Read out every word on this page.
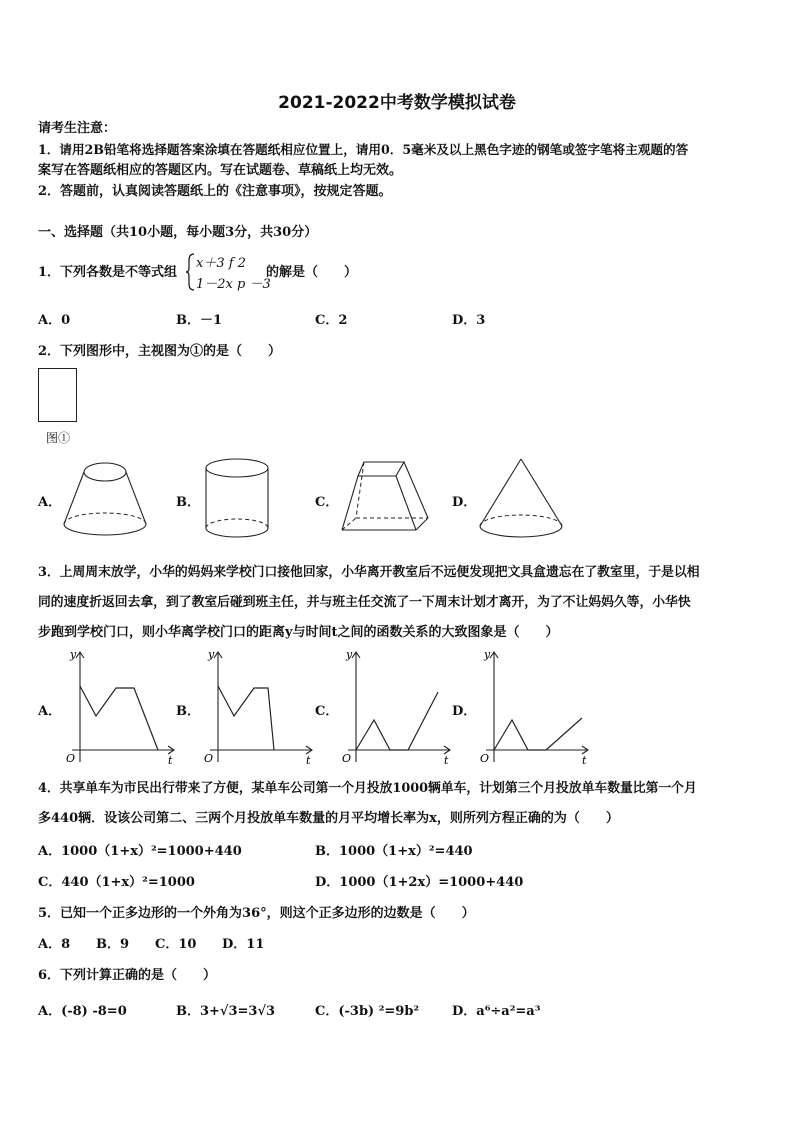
2021-2022中考数学模拟试卷
请考生注意：
1．请用2B铅笔将选择题答案涂填在答题纸相应位置上，请用0．5毫米及以上黑色字迹的钢笔或签字笔将主观题的答
案写在答题纸相应的答题区内。写在试题卷、草稿纸上均无效。
2．答题前，认真阅读答题纸上的《注意事项》，按规定答题。
一、选择题（共10小题，每小题3分，共30分）
1．下列各数是不等式组
x＋3 f 2
1－2x p －3
的解是（　　）
A．0	B．－1	C．2	D．3
2．下列图形中，主视图为①的是（　　）
图①
A．	B．	C．	D．
3．上周周末放学，小华的妈妈来学校门口接他回家，小华离开教室后不远便发现把文具盒遗忘在了教室里，于是以相
同的速度折返回去拿，到了教室后碰到班主任，并与班主任交流了一下周末计划才离开，为了不让妈妈久等，小华快
步跑到学校门口，则小华离学校门口的距离y与时间t之间的函数关系的大致图象是（　　）
A．
y
t
O
B．
y
t
O
C．
y
t
O
D．
y
t
O
4．共享单车为市民出行带来了方便，某单车公司第一个月投放1000辆单车，计划第三个月投放单车数量比第一个月
多440辆．设该公司第二、三两个月投放单车数量的月平均增长率为x，则所列方程正确的为（　　）
A．1000（1+x）²=1000+440	B．1000（1+x）²=440
C．440（1+x）²=1000	D．1000（1+2x）=1000+440
5．已知一个正多边形的一个外角为36°，则这个正多边形的边数是（　　）
A．8 B．9 C．10 D．11
6．下列计算正确的是（　　）
A．(-8) -8=0	B．3+√3=3√3	C．(-3b) ²=9b²	D．a⁶÷a²=a³
